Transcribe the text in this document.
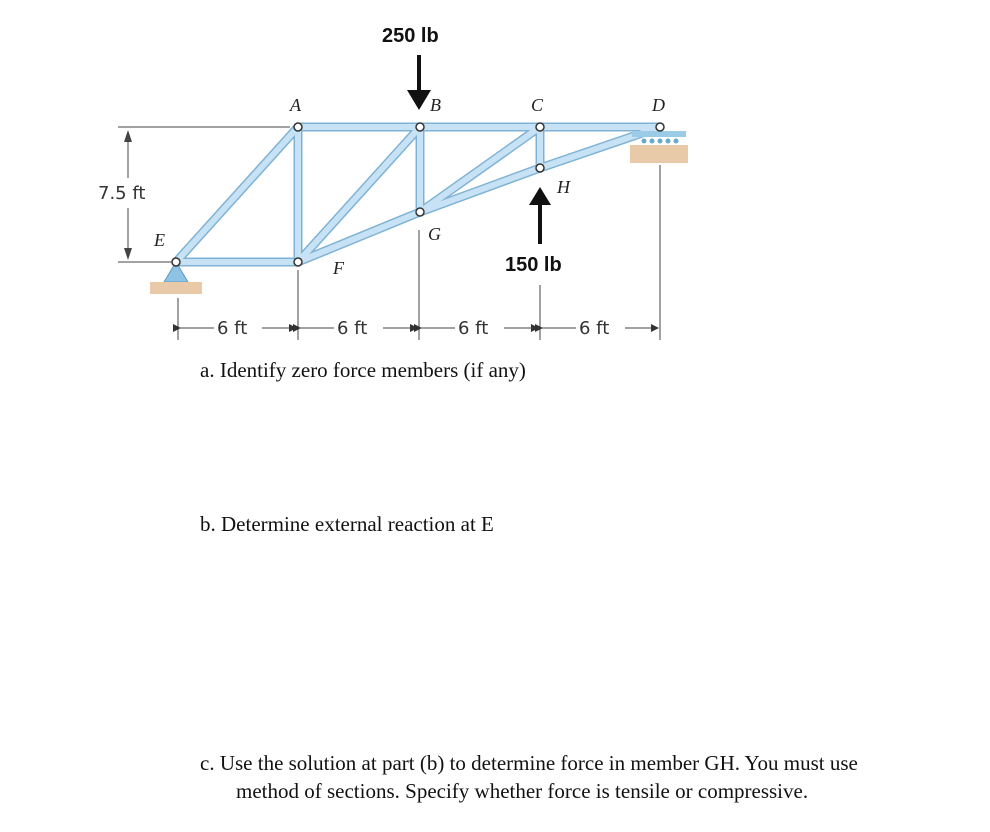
7.5 ft
A	B	C	D
E
F
G
H
250 lb
150 lb
6 ft	6 ft	6 ft	6 ft

a. Identify zero force members (if any)

b. Determine external reaction at E

c. Use the solution at part (b) to determine force in member GH. You must use
method of sections. Specify whether force is tensile or compressive.
